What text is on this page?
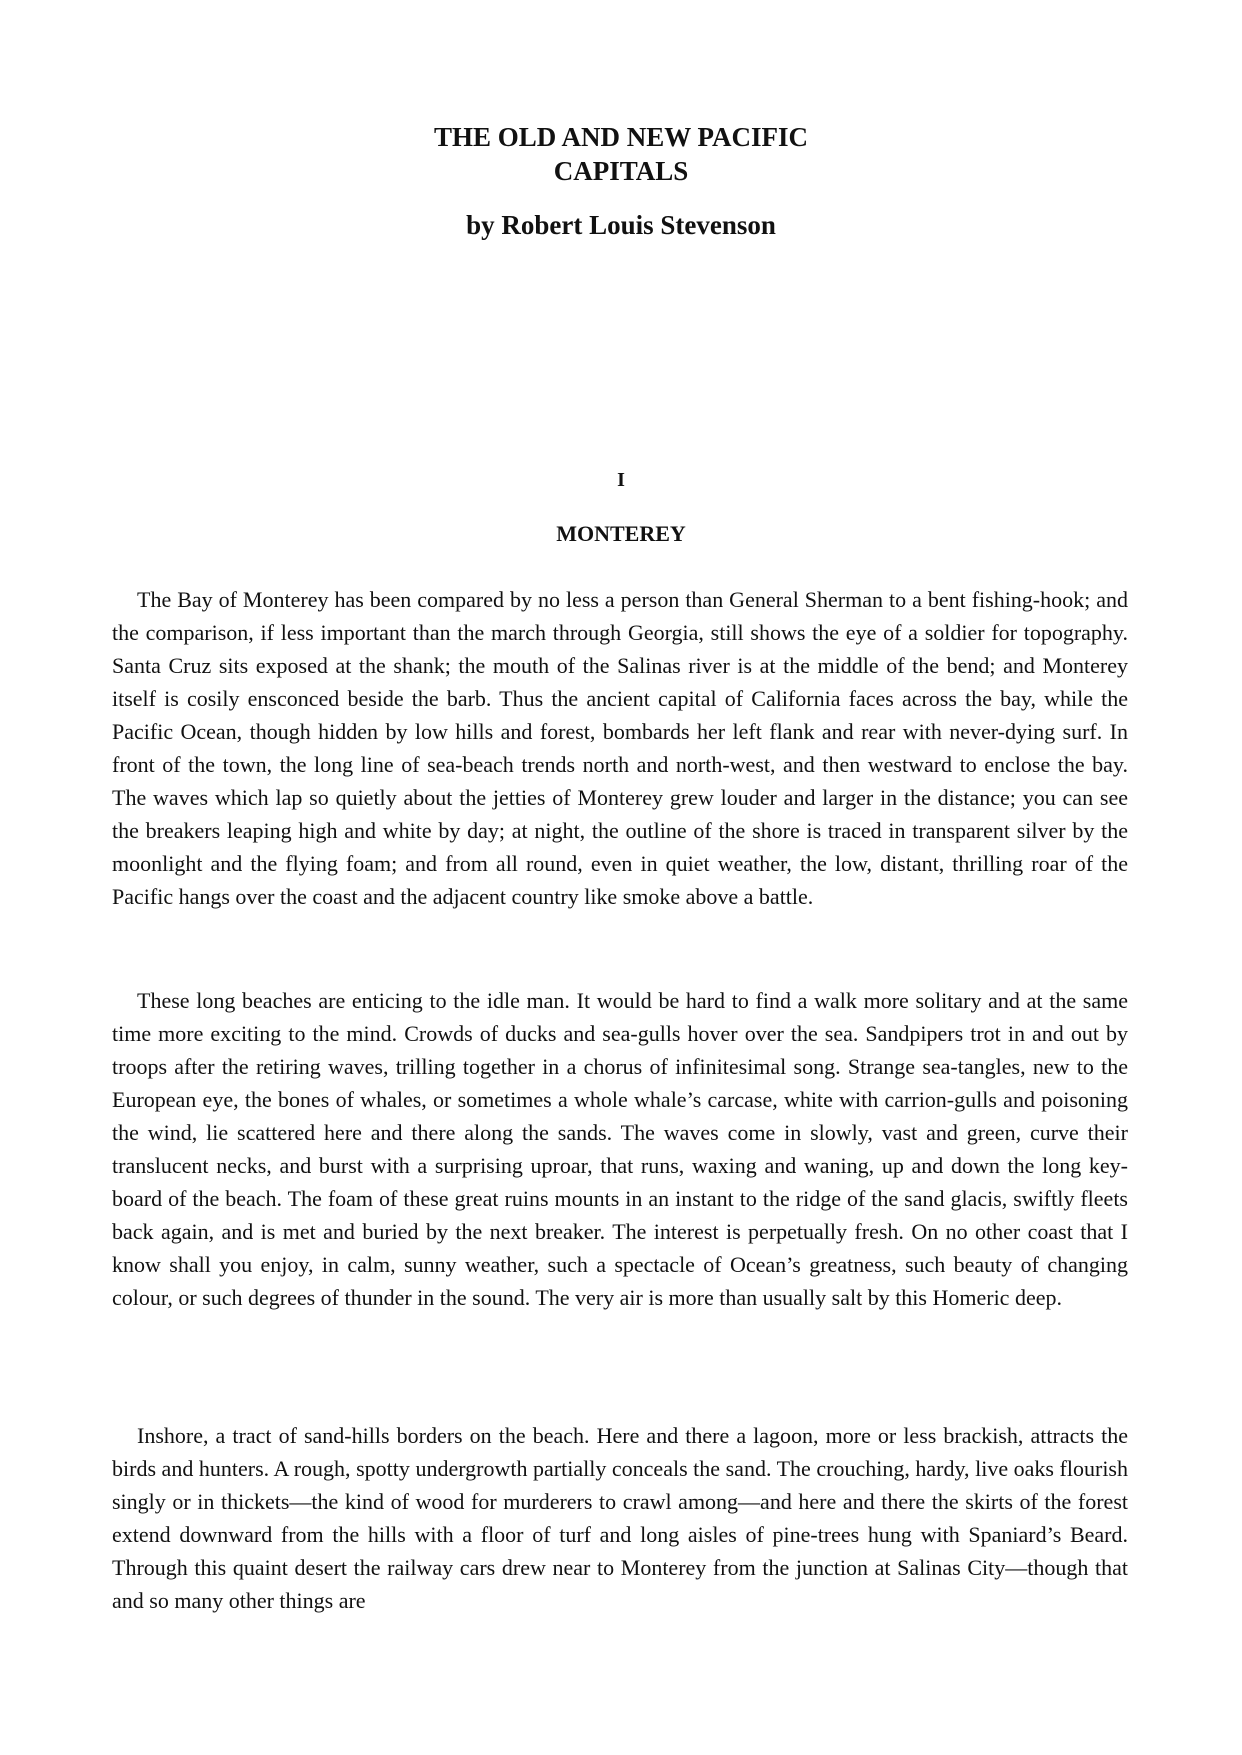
THE OLD AND NEW PACIFIC
CAPITALS
by Robert Louis Stevenson
I
MONTEREY

The Bay of Monterey has been compared by no less a person than General Sherman to a bent fishing-hook; and the comparison, if less important than the march through Georgia, still shows the eye of a soldier for topography. Santa Cruz sits exposed at the shank; the mouth of the Salinas river is at the middle of the bend; and Monterey itself is cosily ensconced beside the barb. Thus the ancient capital of California faces across the bay, while the Pacific Ocean, though hidden by low hills and forest, bombards her left flank and rear with never-dying surf. In front of the town, the long line of sea-beach trends north and north-west, and then westward to enclose the bay. The waves which lap so quietly about the jetties of Monterey grew louder and larger in the distance; you can see the breakers leaping high and white by day; at night, the outline of the shore is traced in transparent silver by the moonlight and the flying foam; and from all round, even in quiet weather, the low, distant, thrilling roar of the Pacific hangs over the coast and the adjacent country like smoke above a battle.

These long beaches are enticing to the idle man. It would be hard to find a walk more solitary and at the same time more exciting to the mind. Crowds of ducks and sea-gulls hover over the sea. Sandpipers trot in and out by troops after the retiring waves, trilling together in a chorus of infinitesimal song. Strange sea-tangles, new to the European eye, the bones of whales, or sometimes a whole whale’s carcase, white with carrion-gulls and poisoning the wind, lie scattered here and there along the sands. The waves come in slowly, vast and green, curve their translucent necks, and burst with a surprising uproar, that runs, waxing and waning, up and down the long key-board of the beach. The foam of these great ruins mounts in an instant to the ridge of the sand glacis, swiftly fleets back again, and is met and buried by the next breaker. The interest is perpetually fresh. On no other coast that I know shall you enjoy, in calm, sunny weather, such a spectacle of Ocean’s greatness, such beauty of changing colour, or such degrees of thunder in the sound. The very air is more than usually salt by this Homeric deep.

Inshore, a tract of sand-hills borders on the beach. Here and there a lagoon, more or less brackish, attracts the birds and hunters. A rough, spotty undergrowth partially conceals the sand. The crouching, hardy, live oaks flourish singly or in thickets—the kind of wood for murderers to crawl among—and here and there the skirts of the forest extend downward from the hills with a floor of turf and long aisles of pine-trees hung with Spaniard’s Beard. Through this quaint desert the railway cars drew near to Monterey from the junction at Salinas City—though that and so many other things are
